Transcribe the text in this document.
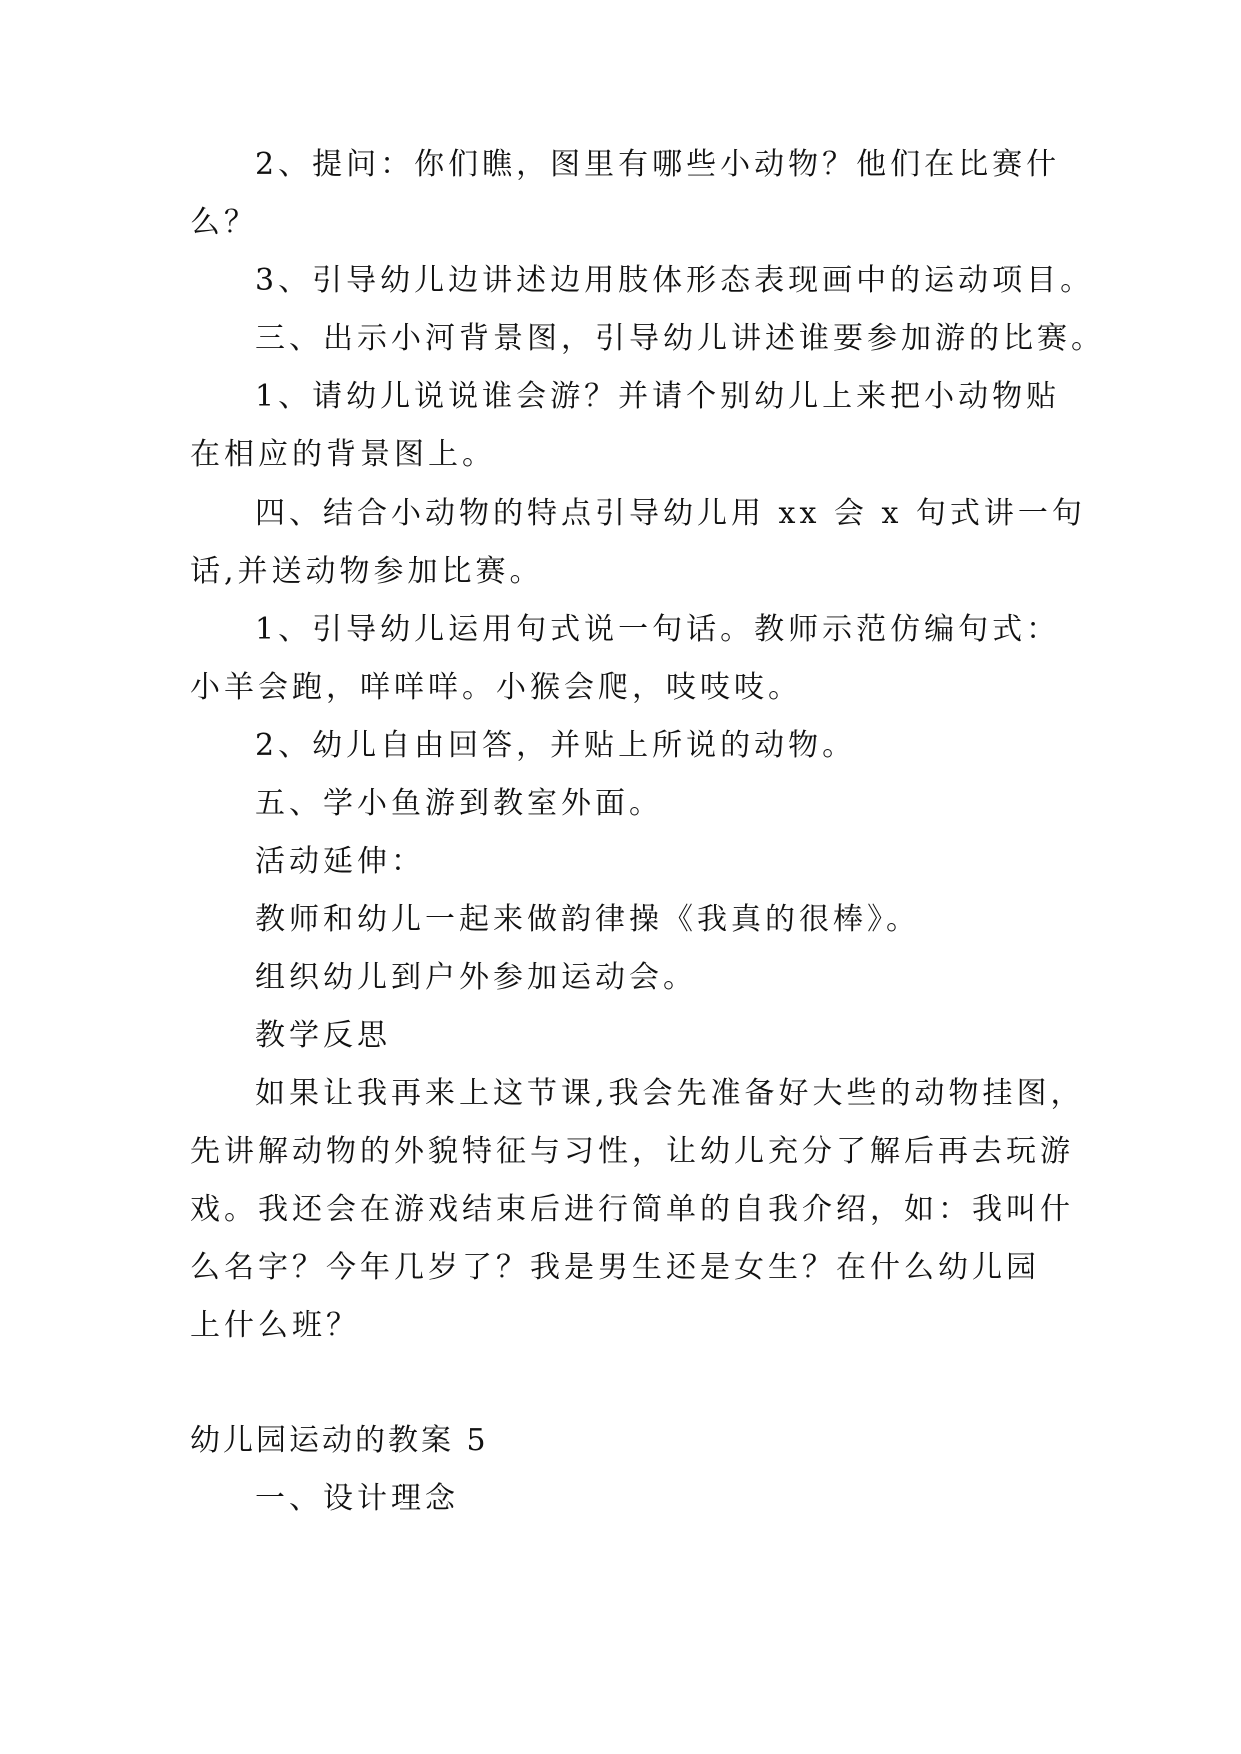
2、提问：你们瞧，图里有哪些小动物？他们在比赛什
么？
3、引导幼儿边讲述边用肢体形态表现画中的运动项目。
三、出示小河背景图，引导幼儿讲述谁要参加游的比赛。
1、请幼儿说说谁会游？并请个别幼儿上来把小动物贴
在相应的背景图上。
四、结合小动物的特点引导幼儿用 xx 会 x 句式讲一句
话,并送动物参加比赛。
1、引导幼儿运用句式说一句话。教师示范仿编句式：
小羊会跑，咩咩咩。小猴会爬，吱吱吱。
2、幼儿自由回答，并贴上所说的动物。
五、学小鱼游到教室外面。
活动延伸：
教师和幼儿一起来做韵律操《我真的很棒》。
组织幼儿到户外参加运动会。
教学反思
如果让我再来上这节课,我会先准备好大些的动物挂图，
先讲解动物的外貌特征与习性，让幼儿充分了解后再去玩游
戏。我还会在游戏结束后进行简单的自我介绍，如：我叫什
么名字？今年几岁了？我是男生还是女生？在什么幼儿园
上什么班？
幼儿园运动的教案 5
一、设计理念
